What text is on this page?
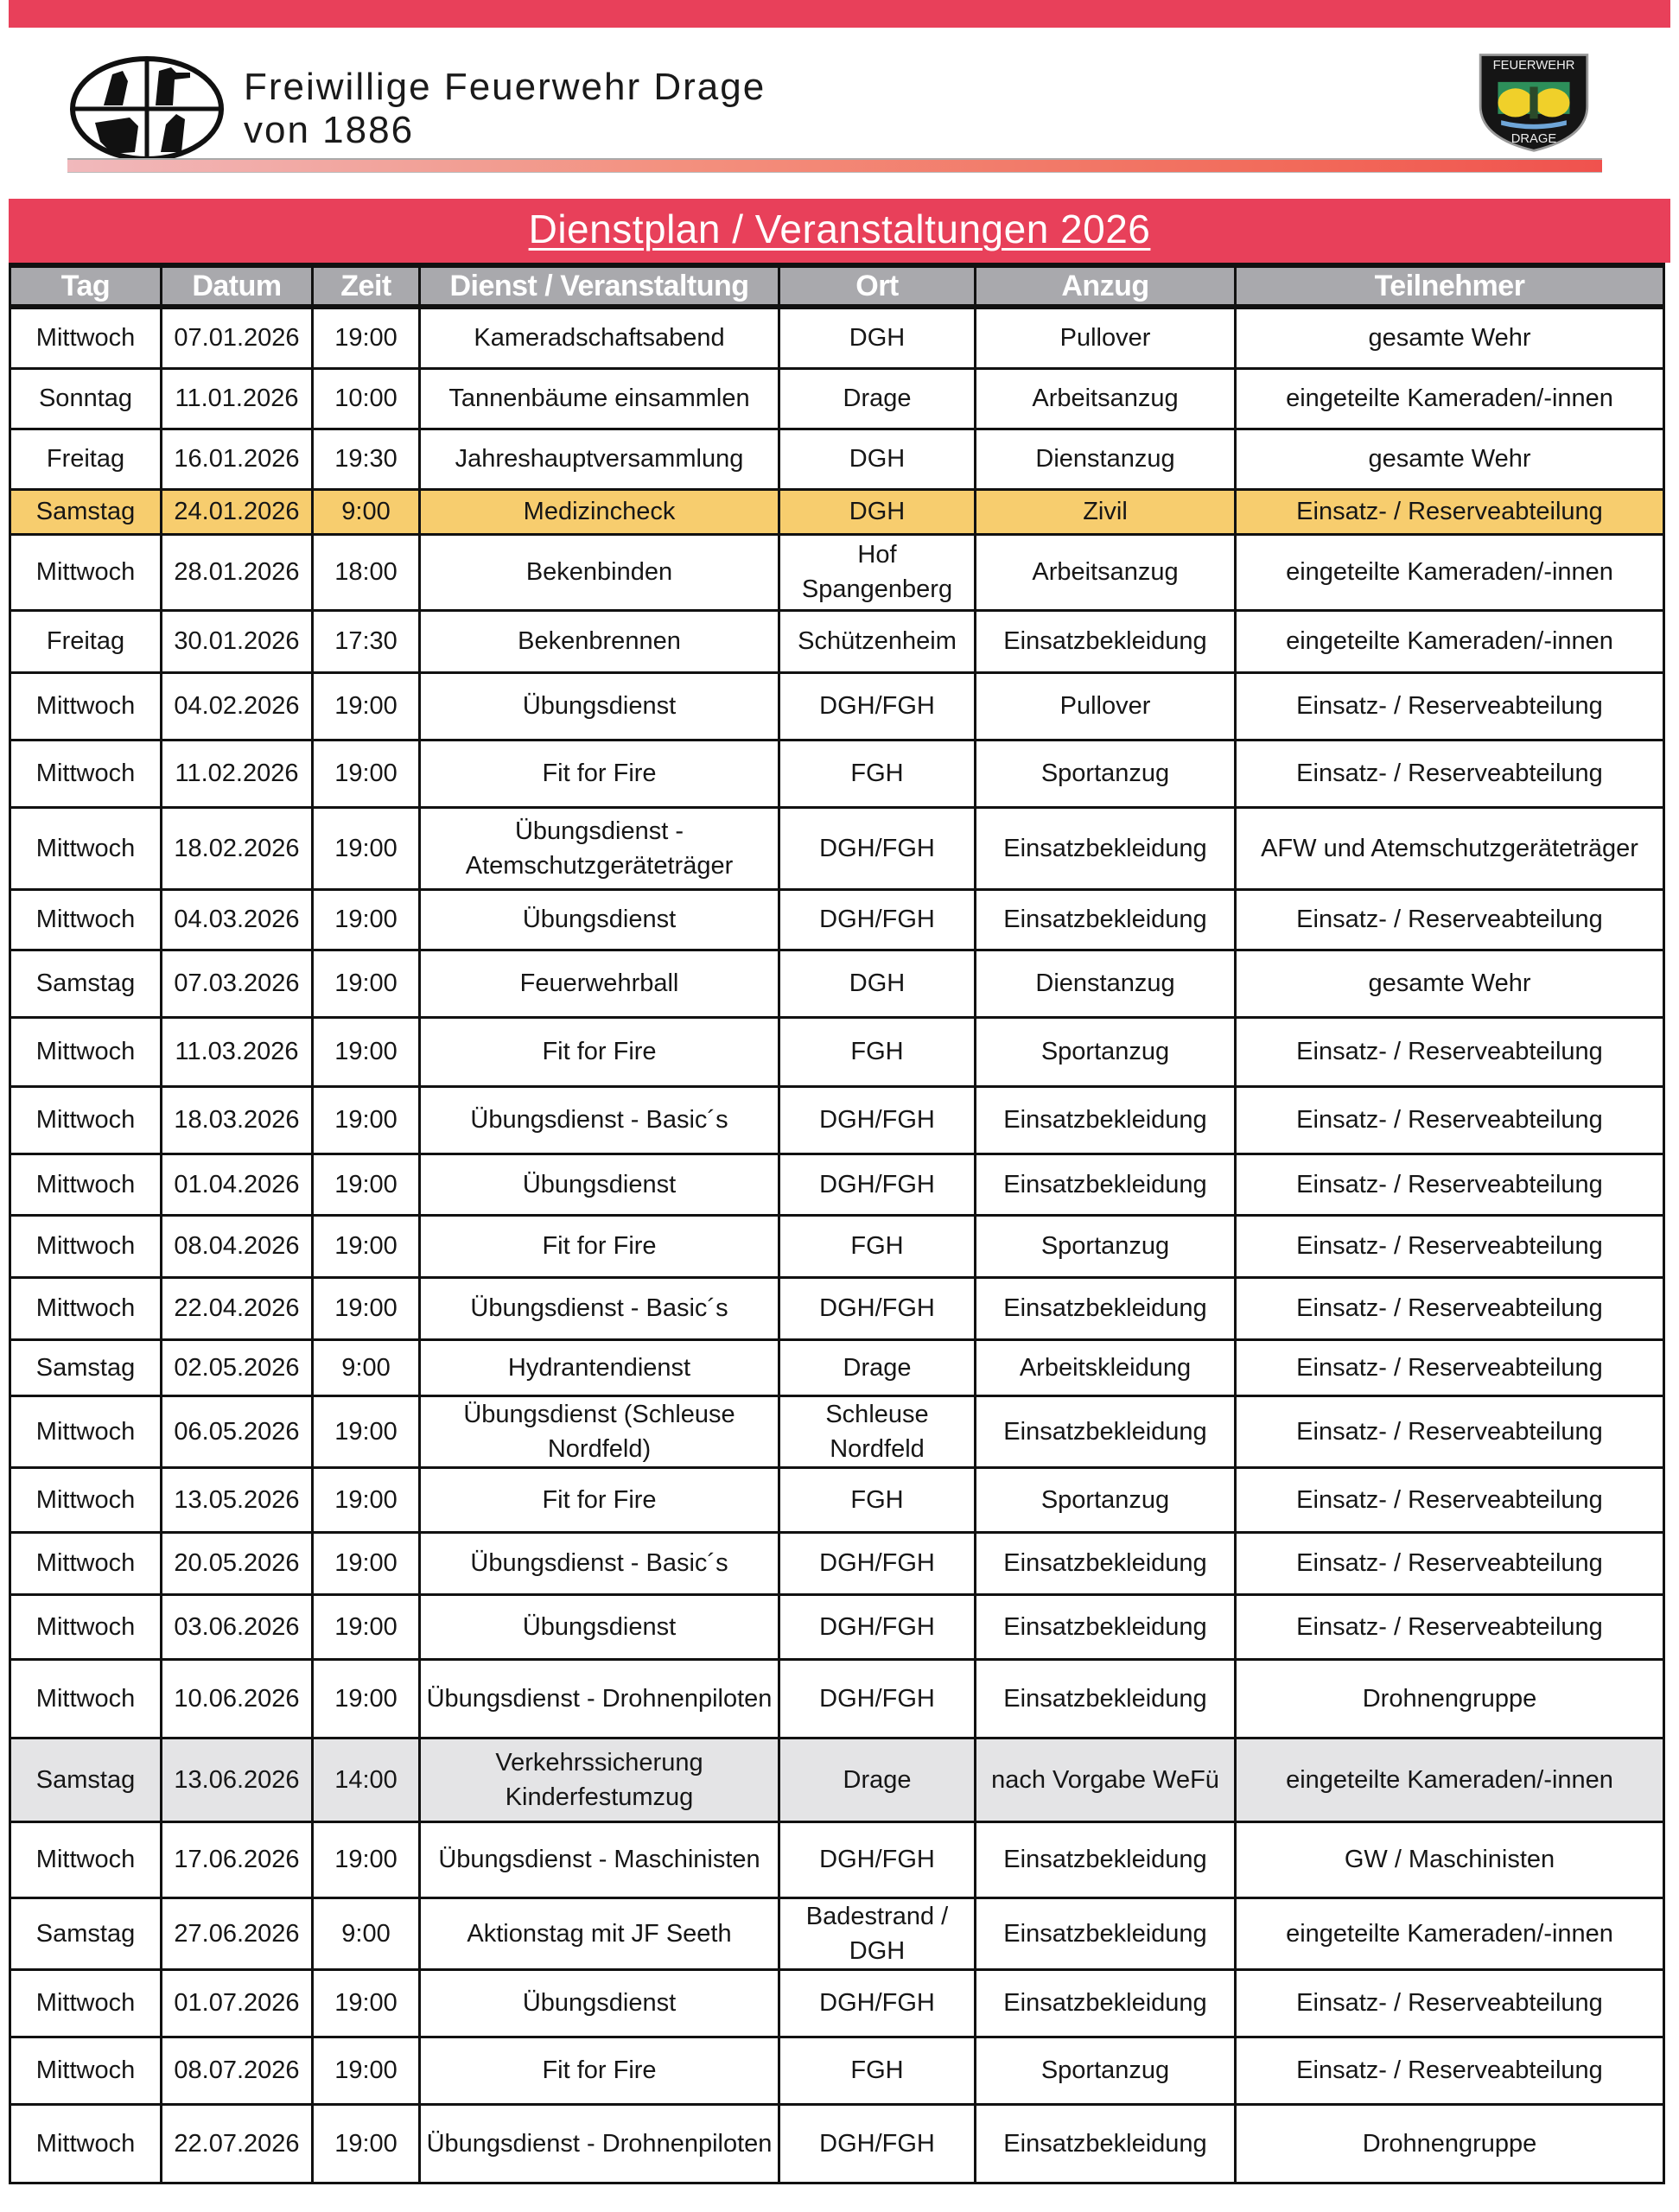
Freiwillige Feuerwehr Drage
von 1886
FEUERWEHR
DRAGE
Dienstplan / Veranstaltungen 2026
Tag	Datum	Zeit	Dienst / Veranstaltung	Ort	Anzug	Teilnehmer
Mittwoch	07.01.2026	19:00	Kameradschaftsabend	DGH	Pullover	gesamte Wehr
Sonntag	11.01.2026	10:00	Tannenbäume einsammlen	Drage	Arbeitsanzug	eingeteilte Kameraden/-innen
Freitag	16.01.2026	19:30	Jahreshauptversammlung	DGH	Dienstanzug	gesamte Wehr
Samstag	24.01.2026	9:00	Medizincheck	DGH	Zivil	Einsatz- / Reserveabteilung
Mittwoch	28.01.2026	18:00	Bekenbinden	Hof Spangenberg	Arbeitsanzug	eingeteilte Kameraden/-innen
Freitag	30.01.2026	17:30	Bekenbrennen	Schützenheim	Einsatzbekleidung	eingeteilte Kameraden/-innen
Mittwoch	04.02.2026	19:00	Übungsdienst	DGH/FGH	Pullover	Einsatz- / Reserveabteilung
Mittwoch	11.02.2026	19:00	Fit for Fire	FGH	Sportanzug	Einsatz- / Reserveabteilung
Mittwoch	18.02.2026	19:00	Übungsdienst - Atemschutzgeräteträger	DGH/FGH	Einsatzbekleidung	AFW und Atemschutzgeräteträger
Mittwoch	04.03.2026	19:00	Übungsdienst	DGH/FGH	Einsatzbekleidung	Einsatz- / Reserveabteilung
Samstag	07.03.2026	19:00	Feuerwehrball	DGH	Dienstanzug	gesamte Wehr
Mittwoch	11.03.2026	19:00	Fit for Fire	FGH	Sportanzug	Einsatz- / Reserveabteilung
Mittwoch	18.03.2026	19:00	Übungsdienst - Basic´s	DGH/FGH	Einsatzbekleidung	Einsatz- / Reserveabteilung
Mittwoch	01.04.2026	19:00	Übungsdienst	DGH/FGH	Einsatzbekleidung	Einsatz- / Reserveabteilung
Mittwoch	08.04.2026	19:00	Fit for Fire	FGH	Sportanzug	Einsatz- / Reserveabteilung
Mittwoch	22.04.2026	19:00	Übungsdienst - Basic´s	DGH/FGH	Einsatzbekleidung	Einsatz- / Reserveabteilung
Samstag	02.05.2026	9:00	Hydrantendienst	Drage	Arbeitskleidung	Einsatz- / Reserveabteilung
Mittwoch	06.05.2026	19:00	Übungsdienst (Schleuse Nordfeld)	Schleuse Nordfeld	Einsatzbekleidung	Einsatz- / Reserveabteilung
Mittwoch	13.05.2026	19:00	Fit for Fire	FGH	Sportanzug	Einsatz- / Reserveabteilung
Mittwoch	20.05.2026	19:00	Übungsdienst - Basic´s	DGH/FGH	Einsatzbekleidung	Einsatz- / Reserveabteilung
Mittwoch	03.06.2026	19:00	Übungsdienst	DGH/FGH	Einsatzbekleidung	Einsatz- / Reserveabteilung
Mittwoch	10.06.2026	19:00	Übungsdienst - Drohnenpiloten	DGH/FGH	Einsatzbekleidung	Drohnengruppe
Samstag	13.06.2026	14:00	Verkehrssicherung Kinderfestumzug	Drage	nach Vorgabe WeFü	eingeteilte Kameraden/-innen
Mittwoch	17.06.2026	19:00	Übungsdienst - Maschinisten	DGH/FGH	Einsatzbekleidung	GW / Maschinisten
Samstag	27.06.2026	9:00	Aktionstag mit JF Seeth	Badestrand / DGH	Einsatzbekleidung	eingeteilte Kameraden/-innen
Mittwoch	01.07.2026	19:00	Übungsdienst	DGH/FGH	Einsatzbekleidung	Einsatz- / Reserveabteilung
Mittwoch	08.07.2026	19:00	Fit for Fire	FGH	Sportanzug	Einsatz- / Reserveabteilung
Mittwoch	22.07.2026	19:00	Übungsdienst - Drohnenpiloten	DGH/FGH	Einsatzbekleidung	Drohnengruppe
